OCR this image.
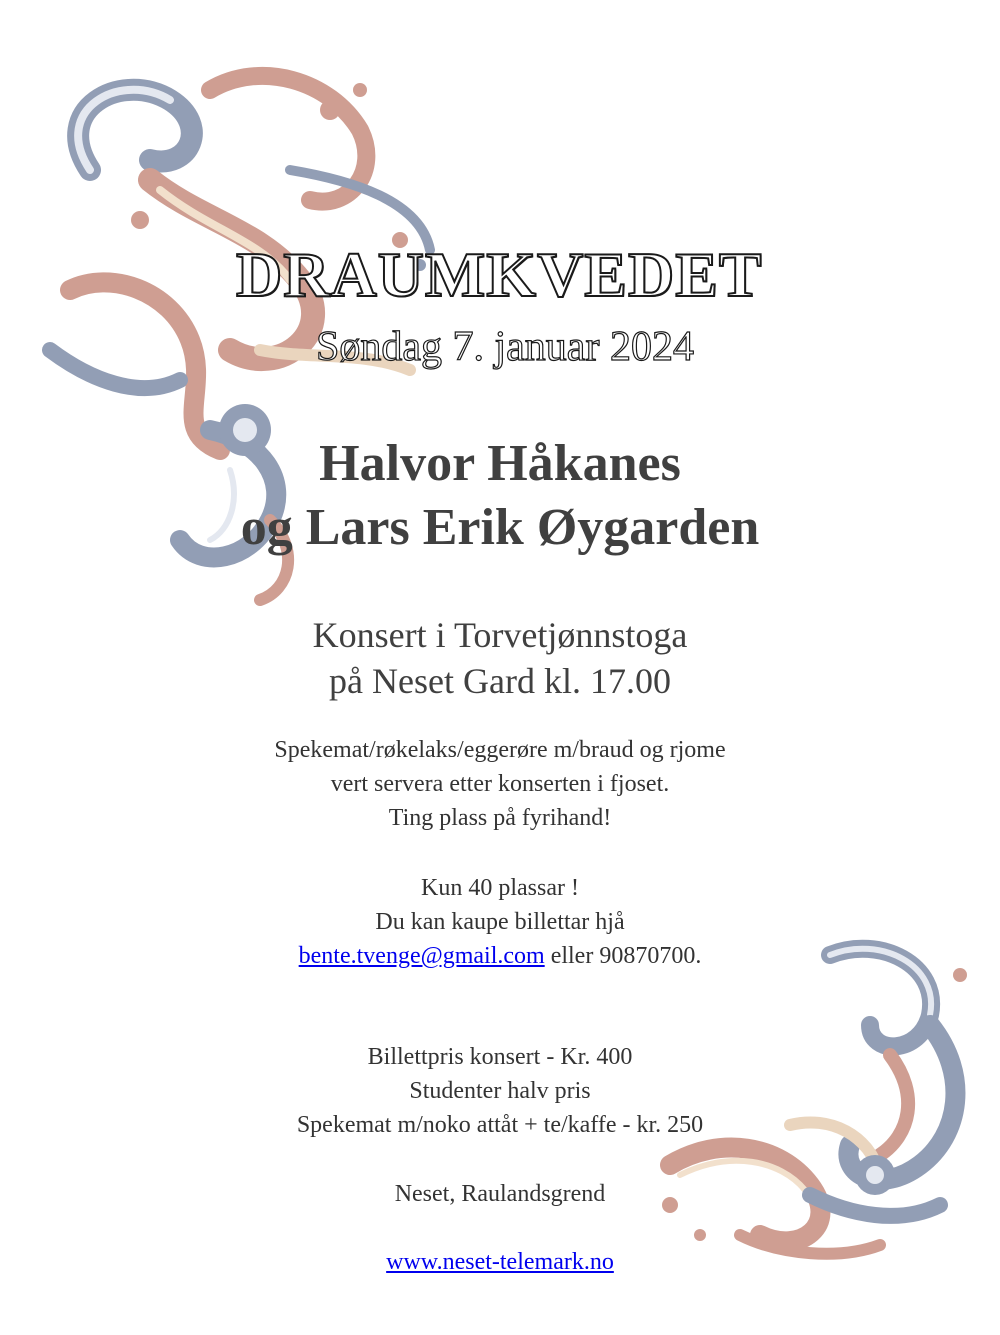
DRAUMKVEDET
Søndag 7. januar 2024
Halvor Håkanes
og Lars Erik Øygarden
Konsert i Torvetjønnstoga
på Neset Gard kl. 17.00
Spekemat/røkelaks/eggerøre m/braud og rjome
vert servera etter konserten i fjoset.
Ting plass på fyrihand!
Kun 40 plassar !
Du kan kaupe billettar hjå
bente.tvenge@gmail.com eller 90870700.
Billettpris konsert - Kr. 400
Studenter halv pris
Spekemat m/noko attåt + te/kaffe - kr. 250
Neset, Raulandsgrend
www.neset-telemark.no
